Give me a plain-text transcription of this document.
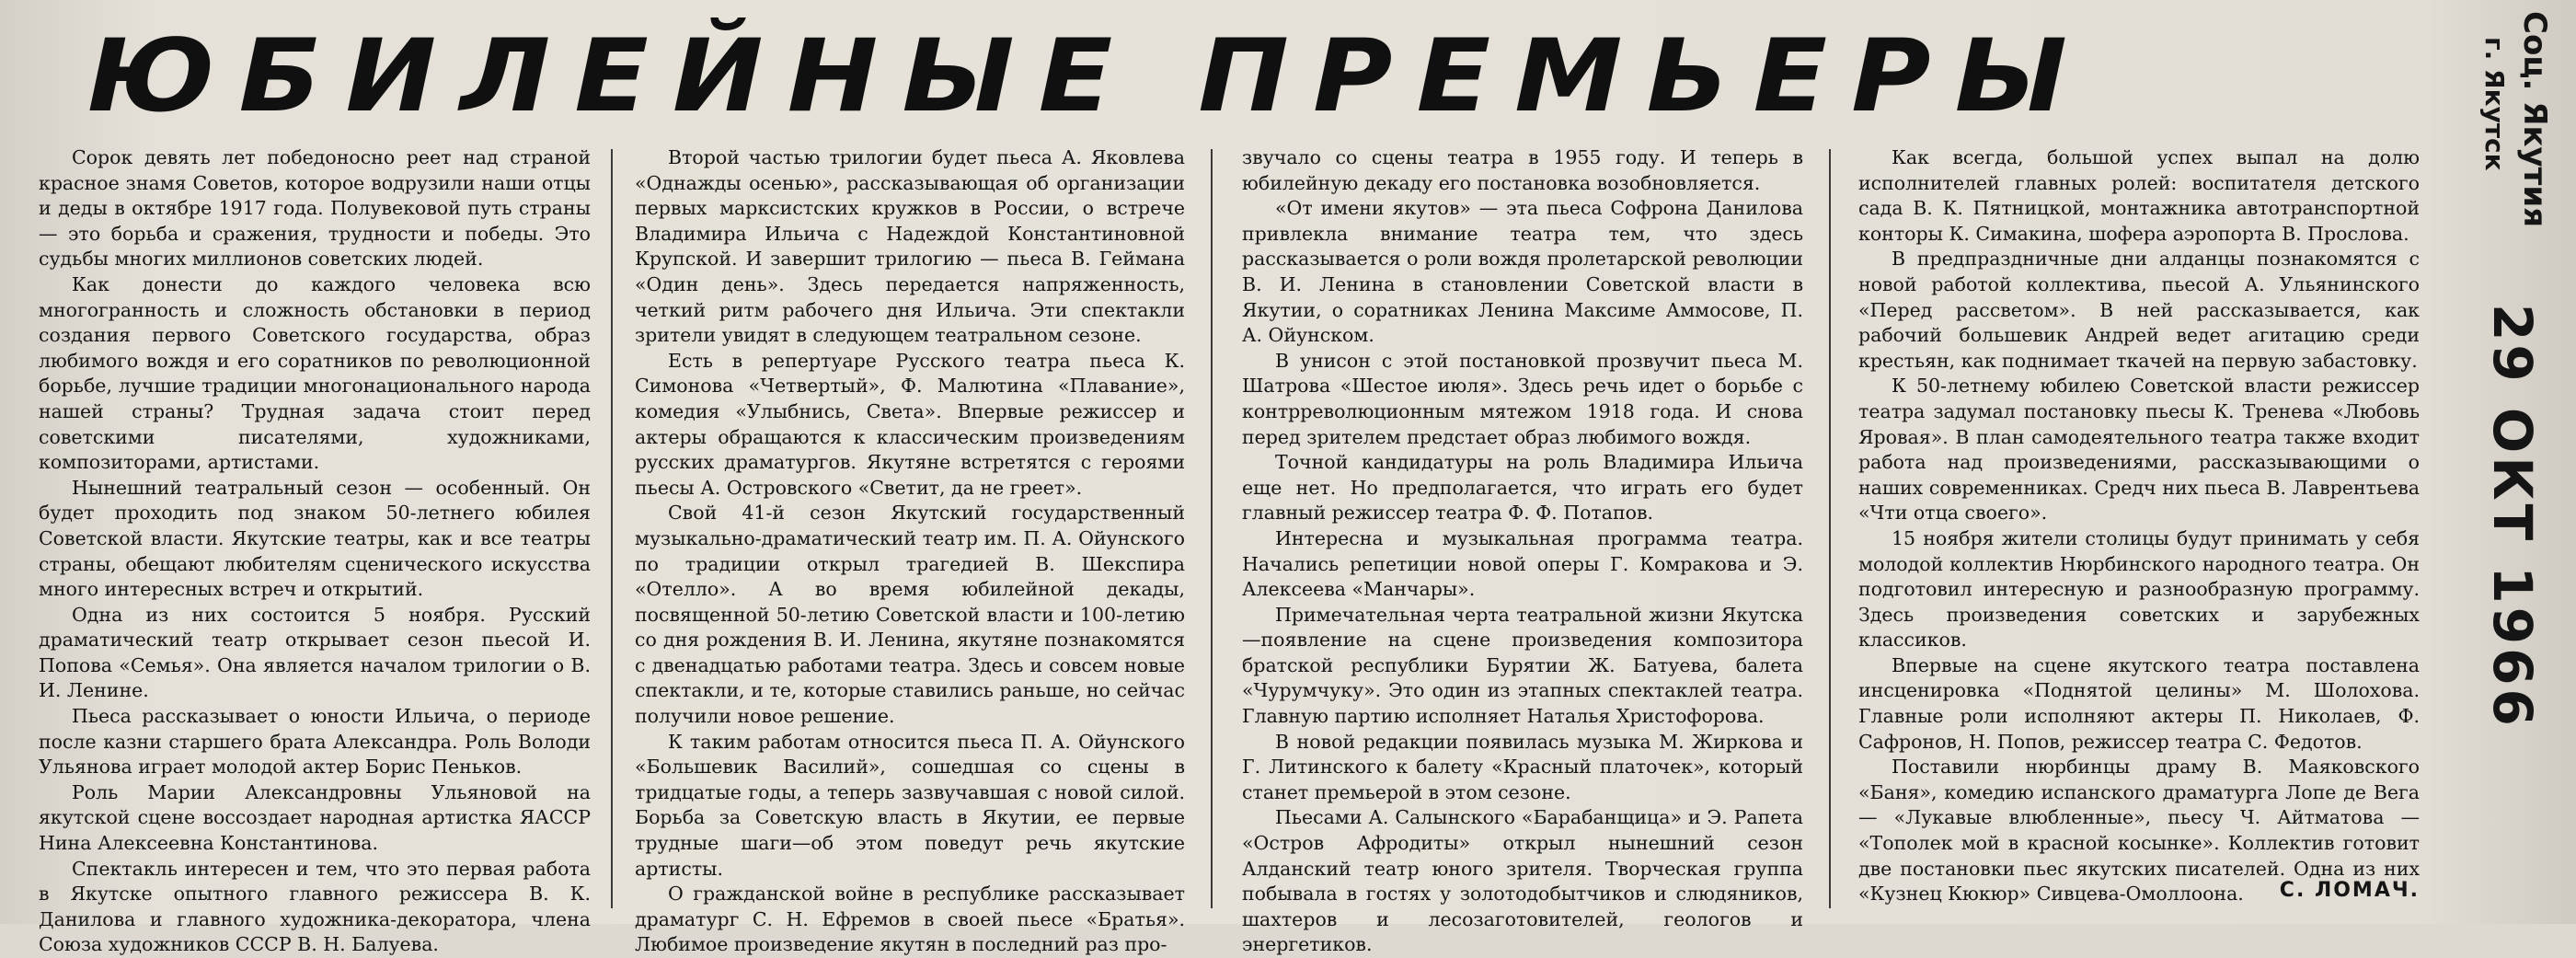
ЮБИЛЕЙНЫЕ ПРЕМЬЕРЫ

Сорок девять лет победоносно реет над страной красное знамя Советов, которое водрузили наши отцы и деды в октябре 1917 года. Полувековой путь страны — это борьба и сражения, трудности и победы. Это судьбы многих миллионов советских людей.

Как донести до каждого человека всю многогранность и сложность обстановки в период создания первого Советского государства, образ любимого вождя и его соратников по революционной борьбе, лучшие традиции многонационального народа нашей страны? Трудная задача стоит перед советскими писателями, художниками, композиторами, артистами.

Нынешний театральный сезон — особенный. Он будет проходить под знаком 50-летнего юбилея Советской власти. Якутские театры, как и все театры страны, обещают любителям сценического искусства много интересных встреч и открытий.

Одна из них состоится 5 ноября. Русский драматический театр открывает сезон пьесой И. Попова «Семья». Она является началом трилогии о В. И. Ленине.

Пьеса рассказывает о юности Ильича, о периоде после казни старшего брата Александра. Роль Володи Ульянова играет молодой актер Борис Пеньков.

Роль Марии Александровны Ульяновой на якутской сцене воссоздает народная артистка ЯАССР Нина Алексеевна Константинова.

Спектакль интересен и тем, что это первая работа в Якутске опытного главного режиссера В. К. Данилова и главного художника-декоратора, члена Союза художников СССР В. Н. Балуева.

Второй частью трилогии будет пьеса А. Яковлева «Однажды осенью», рассказывающая об организации первых марксистских кружков в России, о встрече Владимира Ильича с Надеждой Константиновной Крупской. И завершит трилогию — пьеса В. Геймана «Один день». Здесь передается напряженность, четкий ритм рабочего дня Ильича. Эти спектакли зрители увидят в следующем театральном сезоне.

Есть в репертуаре Русского театра пьеса К. Симонова «Четвертый», Ф. Малютина «Плавание», комедия «Улыбнись, Света». Впервые режиссер и актеры обращаются к классическим произведениям русских драматургов. Якутяне встретятся с героями пьесы А. Островского «Светит, да не греет».

Свой 41-й сезон Якутский государственный музыкально-драматический театр им. П. А. Ойунского по традиции открыл трагедией В. Шекспира «Отелло». А во время юбилейной декады, посвященной 50-летию Советской власти и 100-летию со дня рождения В. И. Ленина, якутяне познакомятся с двенадцатью работами театра. Здесь и совсем новые спектакли, и те, которые ставились раньше, но сейчас получили новое решение.

К таким работам относится пьеса П. А. Ойунского «Большевик Василий», сошедшая со сцены в тридцатые годы, а теперь зазвучавшая с новой силой. Борьба за Советскую власть в Якутии, ее первые трудные шаги—об этом поведут речь якутские артисты.

О гражданской войне в республике рассказывает драматург С. Н. Ефремов в своей пьесе «Братья». Любимое произведение якутян в последний раз про-

звучало со сцены театра в 1955 году. И теперь в юбилейную декаду его постановка возобновляется.

«От имени якутов» — эта пьеса Софрона Данилова привлекла внимание театра тем, что здесь рассказывается о роли вождя пролетарской революции В. И. Ленина в становлении Советской власти в Якутии, о соратниках Ленина Максиме Аммосове, П. А. Ойунском.

В унисон с этой постановкой прозвучит пьеса М. Шатрова «Шестое июля». Здесь речь идет о борьбе с контрреволюционным мятежом 1918 года. И снова перед зрителем предстает образ любимого вождя.

Точной кандидатуры на роль Владимира Ильича еще нет. Но предполагается, что играть его будет главный режиссер театра Ф. Ф. Потапов.

Интересна и музыкальная программа театра. Начались репетиции новой оперы Г. Комракова и Э. Алексеева «Манчары».

Примечательная черта театральной жизни Якутска—появление на сцене произведения композитора братской республики Бурятии Ж. Батуева, балета «Чурумчуку». Это один из этапных спектаклей театра. Главную партию исполняет Наталья Христофорова.

В новой редакции появилась музыка М. Жиркова и Г. Литинского к балету «Красный платочек», который станет премьерой в этом сезоне.

Пьесами А. Салынского «Барабанщица» и Э. Рапета «Остров Афродиты» открыл нынешний сезон Алданский театр юного зрителя. Творческая группа побывала в гостях у золотодобытчиков и слюдяников, шахтеров и лесозаготовителей, геологов и энергетиков.

Как всегда, большой успех выпал на долю исполнителей главных ролей: воспитателя детского сада В. К. Пятницкой, монтажника автотранспортной конторы К. Симакина, шофера аэропорта В. Прослова.

В предпраздничные дни алданцы познакомятся с новой работой коллектива, пьесой А. Ульянинского «Перед рассветом». В ней рассказывается, как рабочий большевик Андрей ведет агитацию среди крестьян, как поднимает ткачей на первую забастовку.

К 50-летнему юбилею Советской власти режиссер театра задумал постановку пьесы К. Тренева «Любовь Яровая». В план самодеятельного театра также входит работа над произведениями, рассказывающими о наших современниках. Средч них пьеса В. Лаврентьева «Чти отца своего».

15 ноября жители столицы будут принимать у себя молодой коллектив Нюрбинского народного театра. Он подготовил интересную и разнообразную программу. Здесь произведения советских и зарубежных классиков.

Впервые на сцене якутского театра поставлена инсценировка «Поднятой целины» М. Шолохова. Главные роли исполняют актеры П. Николаев, Ф. Сафронов, Н. Попов, режиссер театра С. Федотов.

Поставили нюрбинцы драму В. Маяковского «Баня», комедию испанского драматурга Лопе де Вега — «Лукавые влюбленные», пьесу Ч. Айтматова — «Тополек мой в красной косынке». Коллектив готовит две постановки пьес якутских писателей. Одна из них «Кузнец Кюкюр» Сивцева-Омоллоона.	С. ЛОМАЧ.
Соц. Якутия
г. Якутск
29 ОКТ 1966
